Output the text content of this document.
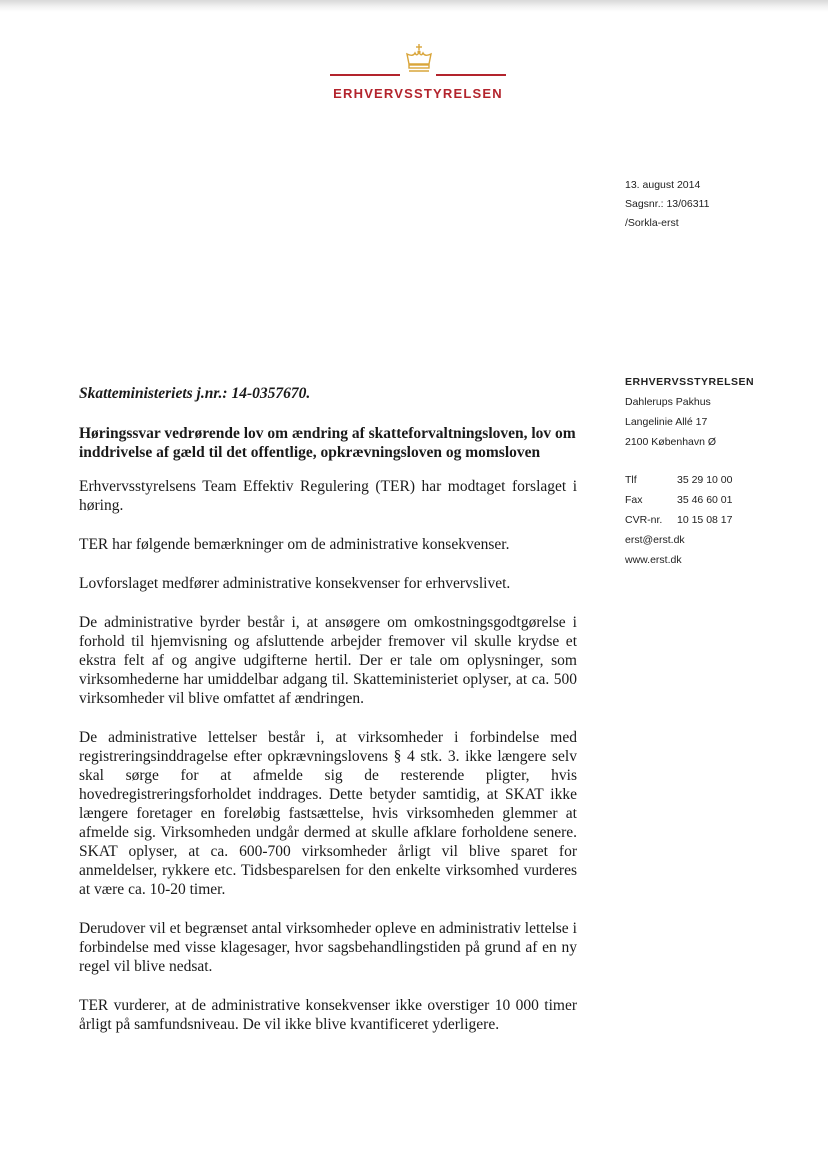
ERHVERVSSTYRELSEN
13. august 2014
Sagsnr.: 13/06311
/Sorkla-erst
ERHVERVSSTYRELSEN
Dahlerups Pakhus
Langelinie Allé 17
2100 København Ø
Tlf	35 29 10 00
Fax	35 46 60 01
CVR-nr.	10 15 08 17
erst@erst.dk
www.erst.dk

Skatteministeriets j.nr.: 14-0357670.

Høringssvar vedrørende lov om ændring af skatteforvaltningsloven, lov om inddrivelse af gæld til det offentlige, opkrævningsloven og momsloven

Erhvervsstyrelsens Team Effektiv Regulering (TER) har modtaget forslaget i høring.

TER har følgende bemærkninger om de administrative konsekvenser.

Lovforslaget medfører administrative konsekvenser for erhvervslivet.

De administrative byrder består i, at ansøgere om omkostningsgodtgørelse i forhold til hjemvisning og afsluttende arbejder fremover vil skulle krydse et ekstra felt af og angive udgifterne hertil. Der er tale om oplysninger, som virksomhederne har umiddelbar adgang til. Skatteministeriet oplyser, at ca. 500 virksomheder vil blive omfattet af ændringen.

De administrative lettelser består i, at virksomheder i forbindelse med registreringsinddragelse efter opkrævningslovens § 4 stk. 3. ikke længere selv skal sørge for at afmelde sig de resterende pligter, hvis hovedregistreringsforholdet inddrages. Dette betyder samtidig, at SKAT ikke længere foretager en foreløbig fastsættelse, hvis virksomheden glemmer at afmelde sig. Virksomheden undgår dermed at skulle afklare forholdene senere. SKAT oplyser, at ca. 600-700 virksomheder årligt vil blive sparet for anmeldelser, rykkere etc. Tidsbesparelsen for den enkelte virksomhed vurderes at være ca. 10-20 timer.

Derudover vil et begrænset antal virksomheder opleve en administrativ lettelse i forbindelse med visse klagesager, hvor sagsbehandlingstiden på grund af en ny regel vil blive nedsat.

TER vurderer, at de administrative konsekvenser ikke overstiger 10 000 timer årligt på samfundsniveau. De vil ikke blive kvantificeret yderligere.
